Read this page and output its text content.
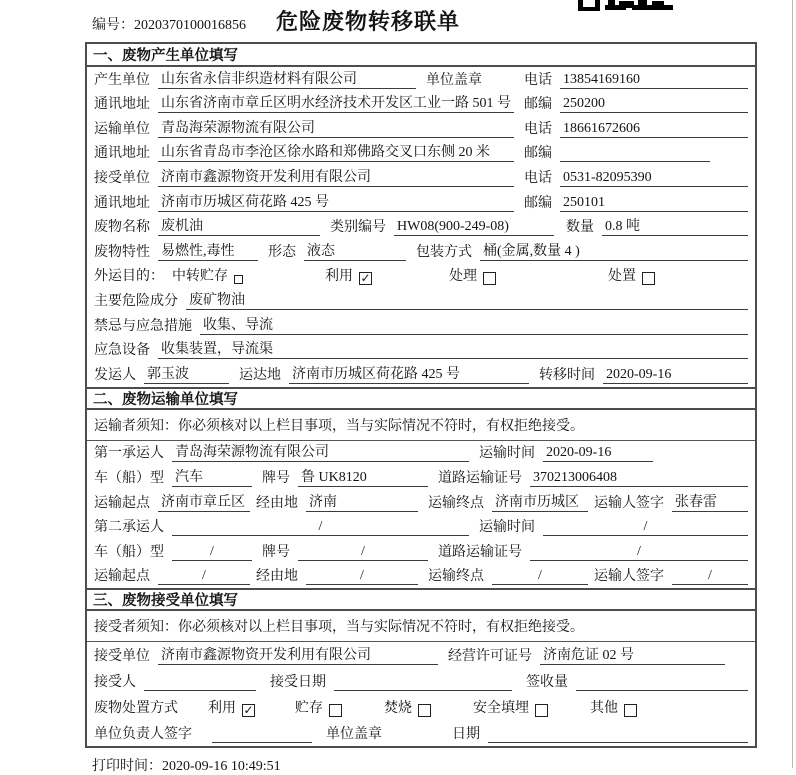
编号：2020370100016856	危险废物转移联单
一、废物产生单位填写
产生单位 山东省永信非织造材料有限公司	单位盖章	电话 13854169160
通讯地址 山东省济南市章丘区明水经济技术开发区工业一路 501 号 邮编 250200
运输单位 青岛海荣源物流有限公司	电话 18661672606
通讯地址 山东省青岛市李沧区徐水路和郑佛路交叉口东侧 20 米	邮编
接受单位 济南市鑫源物资开发利用有限公司	电话 0531-82095390
通讯地址 济南市历城区荷花路 425 号	邮编 250101
废物名称 废机油	类别编号 HW08(900-249-08)	数量 0.8 吨
废物特性 易燃性,毒性	形态 液态	包装方式 桶(金属,数量 4 )
外运目的： 中转贮存	利用 ✓	处理	处置
主要危险成分 废矿物油
禁忌与应急措施 收集、导流
应急设备 收集装置，导流渠
发运人 郭玉波	运达地 济南市历城区荷花路 425 号	转移时间 2020-09-16
二、废物运输单位填写
运输者须知：你必须核对以上栏目事项，当与实际情况不符时，有权拒绝接受。
第一承运人 青岛海荣源物流有限公司	运输时间 2020-09-16
车（船）型 汽车	牌号 鲁 UK8120	道路运输证号 370213006408
运输起点 济南市章丘区 经由地 济南	运输终点 济南市历城区	运输人签字 张春雷
第二承运人	/	运输时间	/
车（船）型	/	牌号	/	道路运输证号	/
运输起点	/	经由地	/	运输终点	/	运输人签字	/
三、废物接受单位填写
接受者须知：你必须核对以上栏目事项，当与实际情况不符时，有权拒绝接受。
接受单位 济南市鑫源物资开发利用有限公司	经营许可证号 济南危证 02 号
接受人	接受日期	签收量
废物处置方式 利用 ✓	贮存	焚烧	安全填埋	其他
单位负责人签字	单位盖章	日期
打印时间：2020-09-16 10:49:51
